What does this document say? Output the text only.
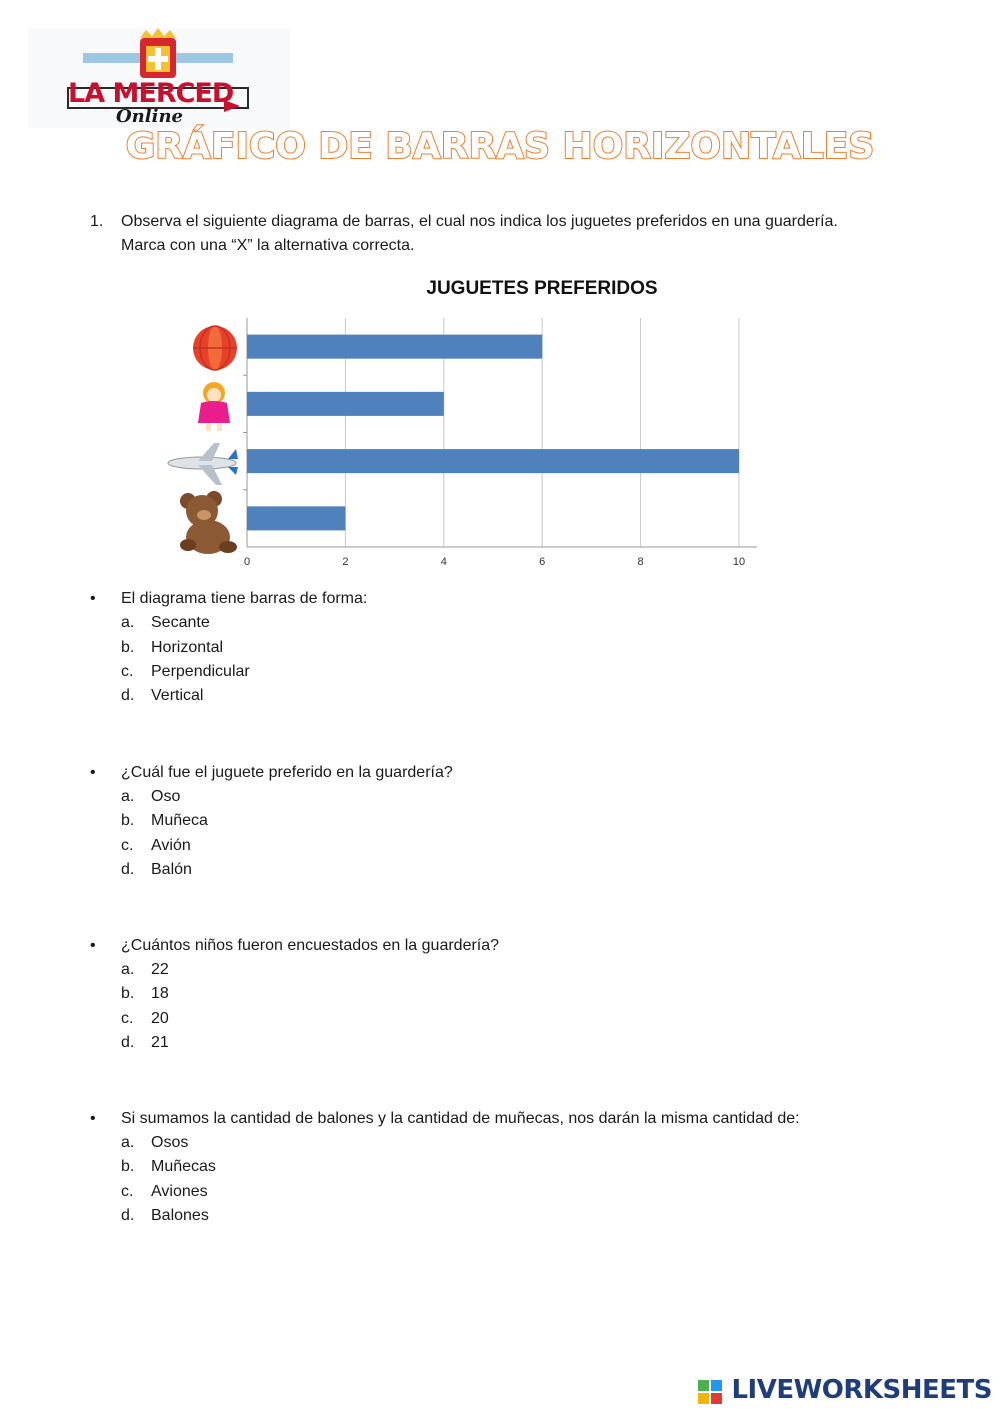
LA MERCED
Online
GRÁFICO DE BARRAS HORIZONTALES
1. Observa el siguiente diagrama de barras, el cual nos indica los juguetes preferidos en una guardería.
Marca con una “X” la alternativa correcta.
JUGUETES PREFERIDOS
0	2	4	6	8	10
• El diagrama tiene barras de forma:
a. Secante
b. Horizontal
c. Perpendicular
d. Vertical
• ¿Cuál fue el juguete preferido en la guardería?
a. Oso
b. Muñeca
c. Avión
d. Balón
• ¿Cuántos niños fueron encuestados en la guardería?
a. 22
b. 18
c. 20
d. 21
• Si sumamos la cantidad de balones y la cantidad de muñecas, nos darán la misma cantidad de:
a. Osos
b. Muñecas
c. Aviones
d. Balones
LIVEWORKSHEETS
